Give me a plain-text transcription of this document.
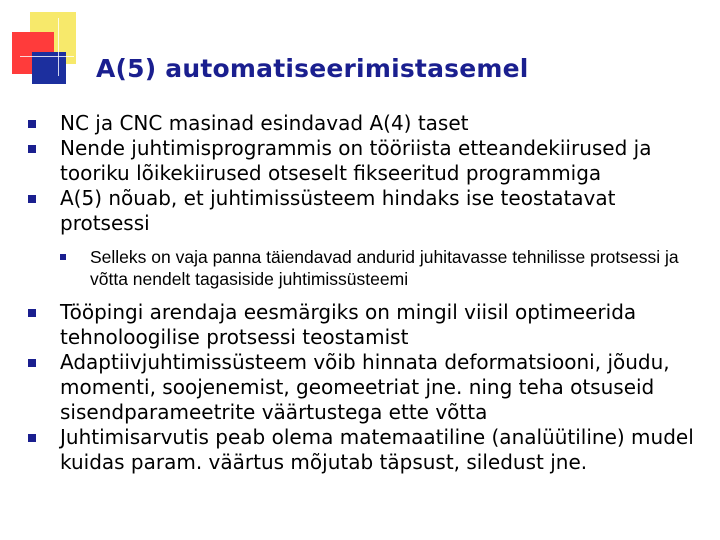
A(5) automatiseerimistasemel
NC ja CNC masinad esindavad A(4) taset
Nende juhtimisprogrammis on tööriista etteandekiirused ja tooriku lõikekiirused otseselt fikseeritud programmiga
A(5) nõuab, et juhtimissüsteem hindaks ise teostatavat protsessi
Selleks on vaja panna täiendavad andurid juhitavasse tehnilisse protsessi ja võtta nendelt tagasiside juhtimissüsteemi
Tööpingi arendaja eesmärgiks on mingil viisil optimeerida tehnoloogilise protsessi teostamist
Adaptiivjuhtimissüsteem võib hinnata deformatsiooni, jõudu, momenti, soojenemist, geomeetriat jne. ning teha otsuseid sisendparameetrite väärtustega ette võtta
Juhtimisarvutis peab olema matemaatiline (analüütiline) mudel kuidas param. väärtus mõjutab täpsust, siledust jne.
